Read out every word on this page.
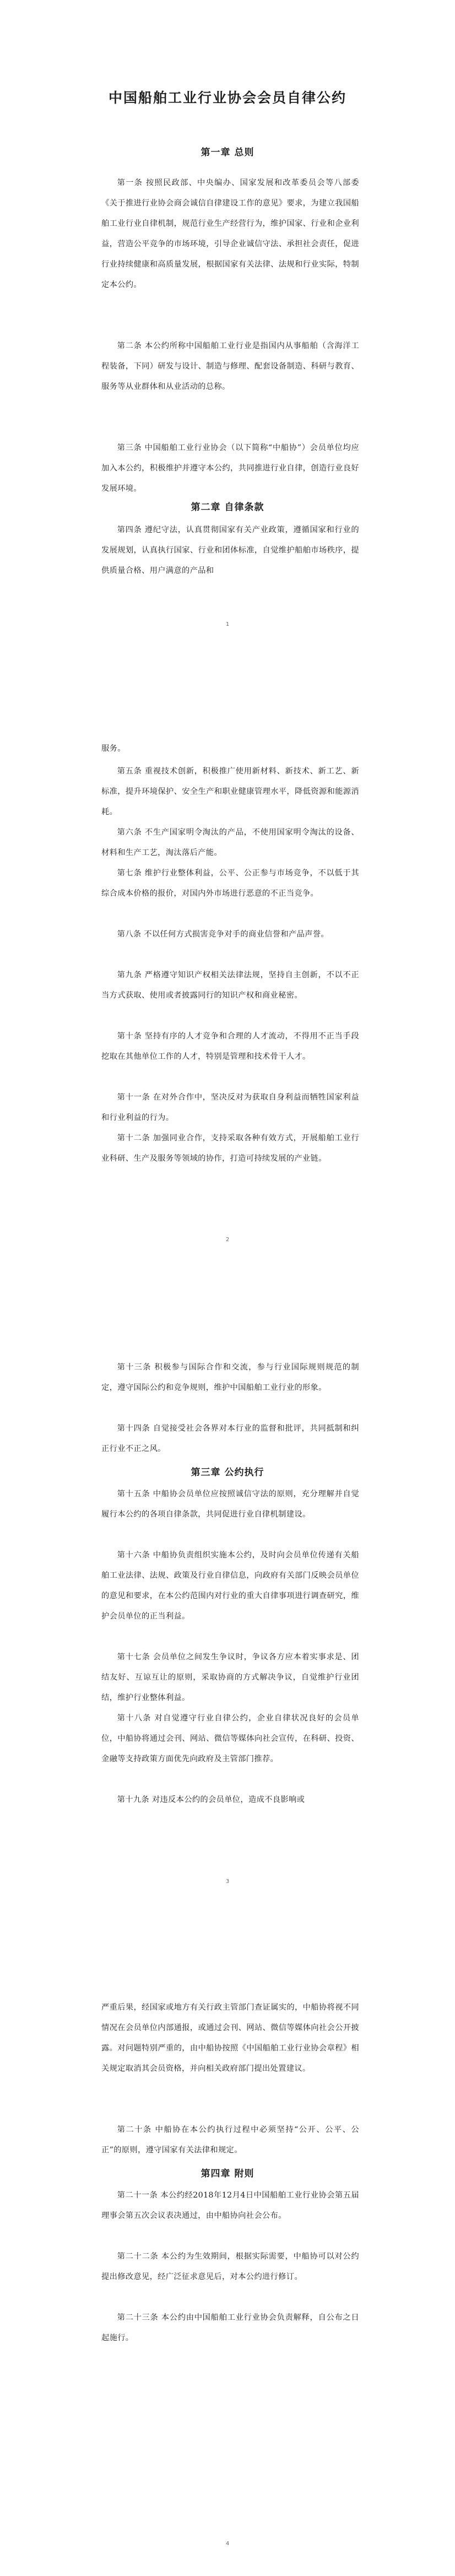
中国船舶工业行业协会会员自律公约
第一章 总则

第一条 按照民政部、中央编办、国家发展和改革委员会等八部委《关于推进行业协会商会诚信自律建设工作的意见》要求，为建立我国船舶工业行业自律机制，规范行业生产经营行为，维护国家、行业和企业利益，营造公平竞争的市场环境，引导企业诚信守法、承担社会责任，促进行业持续健康和高质量发展，根据国家有关法律、法规和行业实际，特制定本公约。

第二条 本公约所称中国船舶工业行业是指国内从事船舶（含海洋工程装备，下同）研发与设计、制造与修理、配套设备制造、科研与教育、服务等从业群体和从业活动的总称。

第三条 中国船舶工业行业协会（以下简称“中船协”）会员单位均应加入本公约，积极维护并遵守本公约，共同推进行业自律，创造行业良好发展环境。

第二章 自律条款

第四条 遵纪守法，认真贯彻国家有关产业政策，遵循国家和行业的发展规划，认真执行国家、行业和团体标准，自觉维护船舶市场秩序，提供质量合格、用户满意的产品和

1

服务。

第五条 重视技术创新，积极推广使用新材料、新技术、新工艺、新标准，提升环境保护、安全生产和职业健康管理水平，降低资源和能源消耗。

第六条 不生产国家明令淘汰的产品，不使用国家明令淘汰的设备、材料和生产工艺，淘汰落后产能。

第七条 维护行业整体利益，公平、公正参与市场竞争，不以低于其综合成本价格的报价，对国内外市场进行恶意的不正当竞争。

第八条 不以任何方式损害竞争对手的商业信誉和产品声誉。

第九条 严格遵守知识产权相关法律法规，坚持自主创新，不以不正当方式获取、使用或者披露同行的知识产权和商业秘密。

第十条 坚持有序的人才竞争和合理的人才流动，不得用不正当手段挖取在其他单位工作的人才，特别是管理和技术骨干人才。

第十一条 在对外合作中，坚决反对为获取自身利益而牺牲国家利益和行业利益的行为。

第十二条 加强同业合作，支持采取各种有效方式，开展船舶工业行业科研、生产及服务等领域的协作，打造可持续发展的产业链。

2

第十三条 积极参与国际合作和交流，参与行业国际规则规范的制定，遵守国际公约和竞争规则，维护中国船舶工业行业的形象。

第十四条 自觉接受社会各界对本行业的监督和批评，共同抵制和纠正行业不正之风。

第三章 公约执行

第十五条 中船协会员单位应按照诚信守法的原则，充分理解并自觉履行本公约的各项自律条款，共同促进行业自律机制建设。

第十六条 中船协负责组织实施本公约，及时向会员单位传递有关船舶工业法律、法规、政策及行业自律信息，向政府有关部门反映会员单位的意见和要求，在本公约范围内对行业的重大自律事项进行调查研究，维护会员单位的正当利益。

第十七条 会员单位之间发生争议时，争议各方应本着实事求是、团结友好、互谅互让的原则，采取协商的方式解决争议，自觉维护行业团结，维护行业整体利益。

第十八条 对自觉遵守行业自律公约，企业自律状况良好的会员单位，中船协将通过会刊、网站、微信等媒体向社会宣传，在科研、投资、金融等支持政策方面优先向政府及主管部门推荐。

第十九条 对违反本公约的会员单位，造成不良影响或

3

严重后果，经国家或地方有关行政主管部门查证属实的，中船协将视不同情况在会员单位内部通报，或通过会刊、网站、微信等媒体向社会公开披露。对问题特别严重的，由中船协按照《中国船舶工业行业协会章程》相关规定取消其会员资格，并向相关政府部门提出处置建议。

第二十条 中船协在本公约执行过程中必须坚持“公开、公平、公正”的原则，遵守国家有关法律和规定。

第四章 附则

第二十一条 本公约经2018年12月4日中国船舶工业行业协会第五届理事会第五次会议表决通过，由中船协向社会公布。

第二十二条 本公约为生效期间，根据实际需要，中船协可以对公约提出修改意见，经广泛征求意见后，对本公约进行修订。

第二十三条 本公约由中国船舶工业行业协会负责解释，自公布之日起施行。

4
